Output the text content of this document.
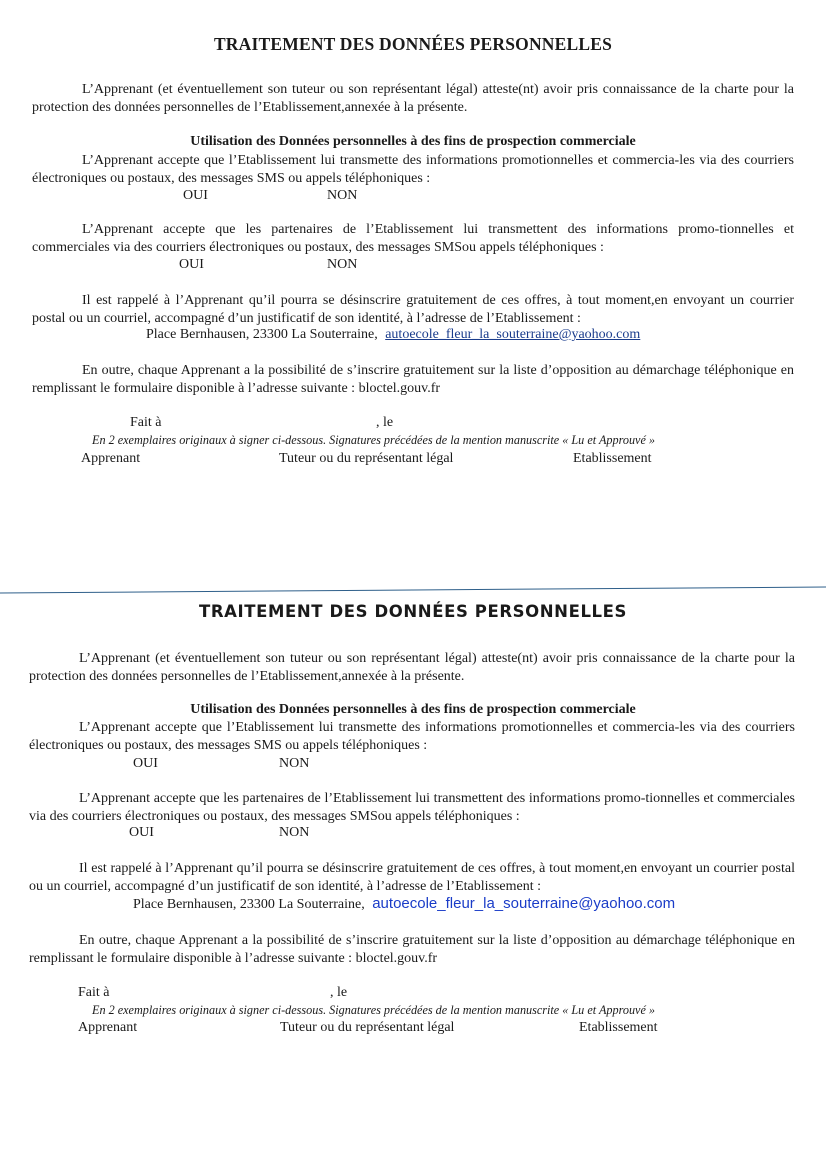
TRAITEMENT DES DONNÉES PERSONNELLES
L’Apprenant (et éventuellement son tuteur ou son représentant légal) atteste(nt) avoir pris connaissance de la charte pour la protection des données personnelles de l’Etablissement,annexée à la présente.
Utilisation des Données personnelles à des fins de prospection commerciale
L’Apprenant accepte que l’Etablissement lui transmette des informations promotionnelles et commercia-les via des courriers électroniques ou postaux, des messages SMS ou appels téléphoniques :
OUI	NON
L’Apprenant accepte que les partenaires de l’Etablissement lui transmettent des informations promo-tionnelles et commerciales via des courriers électroniques ou postaux, des messages SMSou appels téléphoniques :
OUI	NON
Il est rappelé à l’Apprenant qu’il pourra se désinscrire gratuitement de ces offres, à tout moment,en envoyant un courrier postal ou un courriel, accompagné d’un justificatif de son identité, à l’adresse de l’Etablissement :
Place Bernhausen, 23300 La Souterraine, autoecole_fleur_la_souterraine@yaohoo.com
En outre, chaque Apprenant a la possibilité de s’inscrire gratuitement sur la liste d’opposition au démarchage téléphonique en remplissant le formulaire disponible à l’adresse suivante : bloctel.gouv.fr
Fait à	, le
En 2 exemplaires originaux à signer ci-dessous. Signatures précédées de la mention manuscrite « Lu et Approuvé »
Apprenant	Tuteur ou du représentant légal	Etablissement
TRAITEMENT DES DONNÉES PERSONNELLES
L’Apprenant (et éventuellement son tuteur ou son représentant légal) atteste(nt) avoir pris connaissance de la charte pour la protection des données personnelles de l’Etablissement,annexée à la présente.
Utilisation des Données personnelles à des fins de prospection commerciale
L’Apprenant accepte que l’Etablissement lui transmette des informations promotionnelles et commercia-les via des courriers électroniques ou postaux, des messages SMS ou appels téléphoniques :
OUI	NON
L’Apprenant accepte que les partenaires de l’Etablissement lui transmettent des informations promo-tionnelles et commerciales via des courriers électroniques ou postaux, des messages SMSou appels téléphoniques :
OUI	NON
Il est rappelé à l’Apprenant qu’il pourra se désinscrire gratuitement de ces offres, à tout moment,en envoyant un courrier postal ou un courriel, accompagné d’un justificatif de son identité, à l’adresse de l’Etablissement :
Place Bernhausen, 23300 La Souterraine, autoecole_fleur_la_souterraine@yaohoo.com
En outre, chaque Apprenant a la possibilité de s’inscrire gratuitement sur la liste d’opposition au démarchage téléphonique en remplissant le formulaire disponible à l’adresse suivante : bloctel.gouv.fr
Fait à	, le
En 2 exemplaires originaux à signer ci-dessous. Signatures précédées de la mention manuscrite « Lu et Approuvé »
Apprenant	Tuteur ou du représentant légal	Etablissement
